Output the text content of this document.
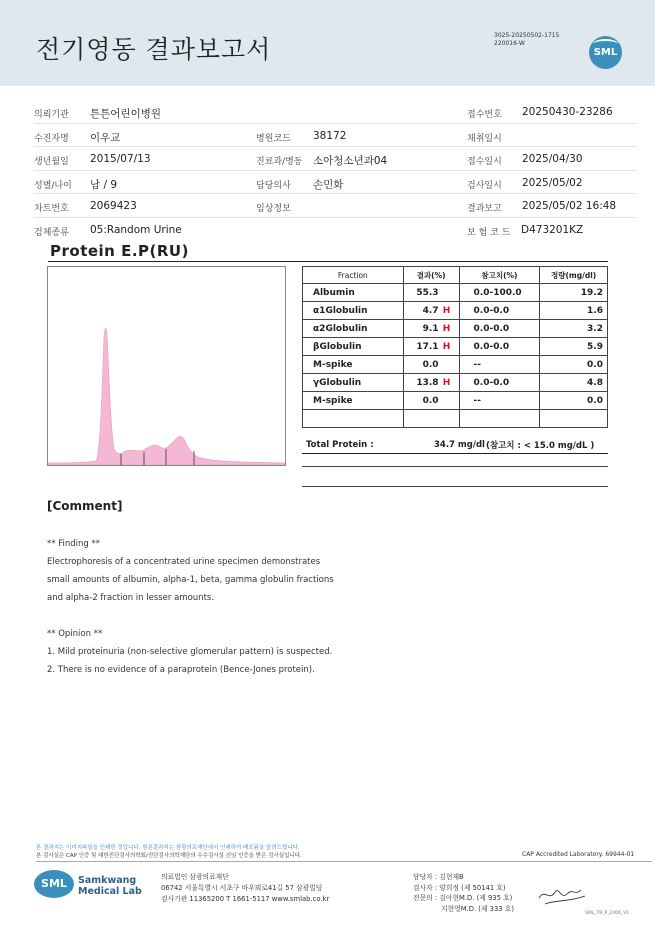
전기영동 결과보고서	3025-20250502-1715
220016-W
SML
의뢰기관 튼튼어린이병원	접수번호 20250430-23286
수진자명 이우교	병원코드 38172	채취일시
생년월일 2015/07/13	진료과/병동 소아청소년과04	접수일시 2025/04/30
성별/나이 남 / 9	담당의사 손민화	검사일시 2025/05/02
차트번호 2069423	임상정보	결과보고 2025/05/02 16:48
검체종류 05:Random Urine	보 험 코 드 D473201KZ
Protein E.P(RU)
Fraction	결과(%)	참고치(%)	정량(mg/dl)
Albumin	55.3	0.0-100.0	19.2
α1Globulin	4.7 H	0.0-0.0	1.6
α2Globulin	9.1 H	0.0-0.0	3.2
βGlobulin	17.1 H	0.0-0.0	5.9
M-spike	0.0	--	0.0
γGlobulin	13.8 H	0.0-0.0	4.8
M-spike	0.0	--	0.0

Total Protein :	34.7 mg/dl (참고치 : < 15.0 mg/dL )
[Comment]
** Finding **
Electrophoresis of a concentrated urine specimen demonstrates
small amounts of albumin, alpha-1, beta, gamma globulin fractions
and alpha-2 fraction in lesser amounts.
** Opinion **
1. Mild proteinuria (non-selective glomerular pattern) is suspected.
2. There is no evidence of a paraprotein (Bence-Jones protein).
본 결과지는 이미지파일을 인쇄한 것입니다. 원본결과지는 삼광의료재단에서 인쇄하여 배포됨을 알려드립니다.
본 검사실은 CAP 인증 및 대한진단검사의학회/진단검사의학재단의 우수검사실 신임 인증을 받은 검사실입니다.	CAP Accredited Laboratory. 69944-01
SML	Samkwang
Medical Lab
의료법인 삼광의료재단
06742 서울특별시 서초구 바우뫼로41길 57 삼광빌딩
검사기관 11365200 T 1661-5117 www.smlab.co.kr
담당자 : 김현재B
검사자 : 양희정 (제 50141 호)
전문의 : 김아현M.D. (제 935 호)
지현영M.D. (제 333 호)
SML_TB_P_2406_V1
